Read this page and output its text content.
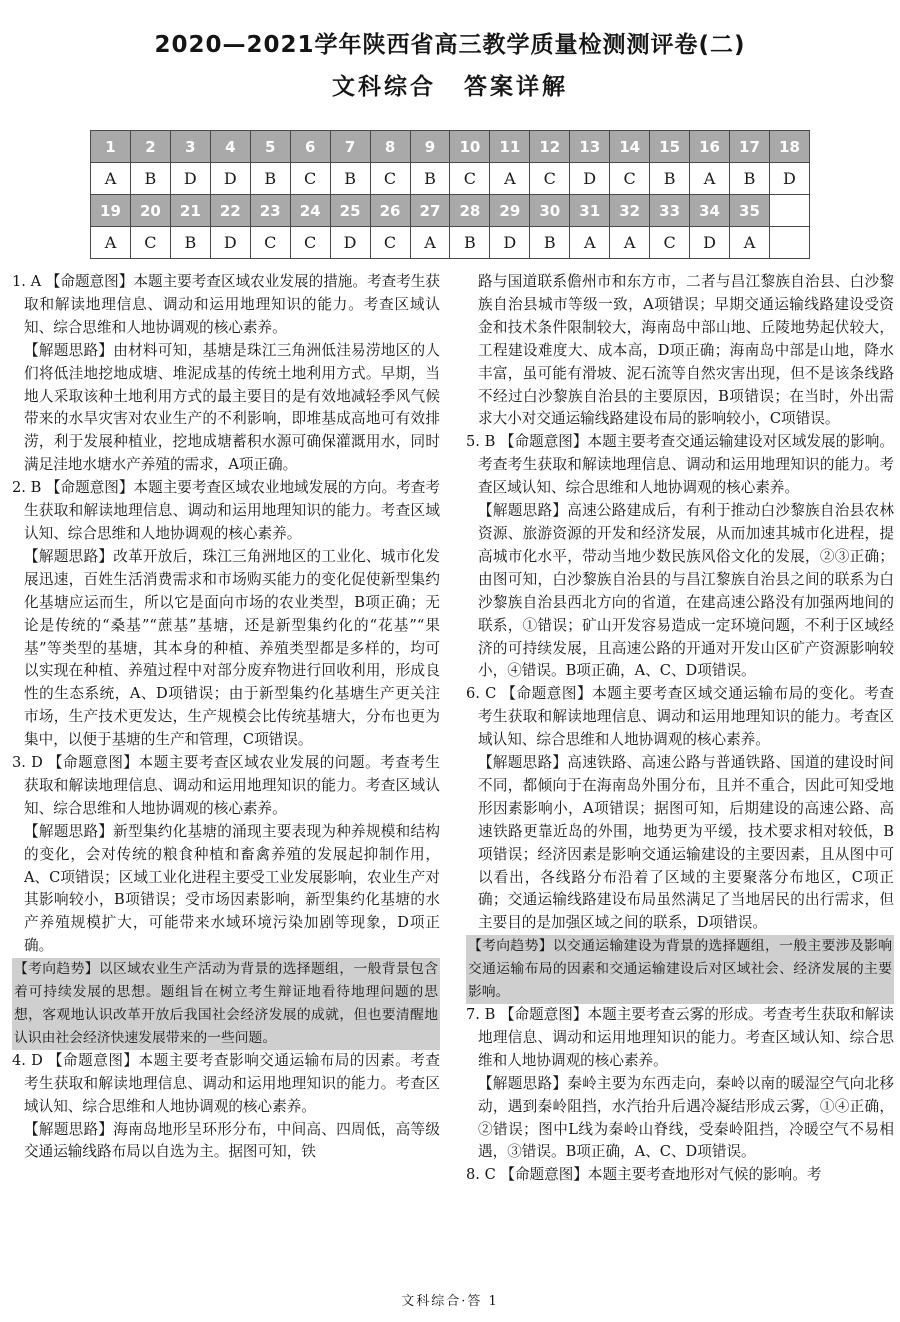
2020—2021学年陕西省高三教学质量检测测评卷(二)
文科综合 答案详解
1	2	3	4	5	6	7	8	9	10	11	12	13	14	15	16	17	18
A	B	D	D	B	C	B	C	B	C	A	C	D	C	B	A	B	D
19	20	21	22	23	24	25	26	27	28	29	30	31	32	33	34	35	
A	C	B	D	C	C	D	C	A	B	D	B	A	A	C	D	A	

1. A 【命题意图】本题主要考查区域农业发展的措施。考查考生获取和解读地理信息、调动和运用地理知识的能力。考查区域认知、综合思维和人地协调观的核心素养。

【解题思路】由材料可知，基塘是珠江三角洲低洼易涝地区的人们将低洼地挖地成塘、堆泥成基的传统土地利用方式。早期，当地人采取该种土地利用方式的最主要目的是有效地减轻季风气候带来的水旱灾害对农业生产的不利影响，即堆基成高地可有效排涝，利于发展种植业，挖地成塘蓄积水源可确保灌溉用水，同时满足洼地水塘水产养殖的需求，A项正确。

2. B 【命题意图】本题主要考查区域农业地域发展的方向。考查考生获取和解读地理信息、调动和运用地理知识的能力。考查区域认知、综合思维和人地协调观的核心素养。

【解题思路】改革开放后，珠江三角洲地区的工业化、城市化发展迅速，百姓生活消费需求和市场购买能力的变化促使新型集约化基塘应运而生，所以它是面向市场的农业类型，B项正确；无论是传统的“桑基”“蔗基”基塘，还是新型集约化的“花基”“果基”等类型的基塘，其本身的种植、养殖类型都是多样的，均可以实现在种植、养殖过程中对部分废弃物进行回收利用，形成良性的生态系统，A、D项错误；由于新型集约化基塘生产更关注市场，生产技术更发达，生产规模会比传统基塘大，分布也更为集中，以便于基塘的生产和管理，C项错误。

3. D 【命题意图】本题主要考查区域农业发展的问题。考查考生获取和解读地理信息、调动和运用地理知识的能力。考查区域认知、综合思维和人地协调观的核心素养。

【解题思路】新型集约化基塘的涌现主要表现为种养规模和结构的变化，会对传统的粮食种植和畜禽养殖的发展起抑制作用，A、C项错误；区域工业化进程主要受工业发展影响，农业生产对其影响较小，B项错误；受市场因素影响，新型集约化基塘的水产养殖规模扩大，可能带来水域环境污染加剧等现象，D项正确。

【考向趋势】以区域农业生产活动为背景的选择题组，一般背景包含着可持续发展的思想。题组旨在树立考生辩证地看待地理问题的思想，客观地认识改革开放后我国社会经济发展的成就，但也要清醒地认识由社会经济快速发展带来的一些问题。

4. D 【命题意图】本题主要考查影响交通运输布局的因素。考查考生获取和解读地理信息、调动和运用地理知识的能力。考查区域认知、综合思维和人地协调观的核心素养。

【解题思路】海南岛地形呈环形分布，中间高、四周低，高等级交通运输线路布局以自选为主。据图可知，铁

路与国道联系儋州市和东方市，二者与昌江黎族自治县、白沙黎族自治县城市等级一致，A项错误；早期交通运输线路建设受资金和技术条件限制较大，海南岛中部山地、丘陵地势起伏较大，工程建设难度大、成本高，D项正确；海南岛中部是山地，降水丰富，虽可能有滑坡、泥石流等自然灾害出现，但不是该条线路不经过白沙黎族自治县的主要原因，B项错误；在当时，外出需求大小对交通运输线路建设布局的影响较小，C项错误。

5. B 【命题意图】本题主要考查交通运输建设对区域发展的影响。考查考生获取和解读地理信息、调动和运用地理知识的能力。考查区域认知、综合思维和人地协调观的核心素养。

【解题思路】高速公路建成后，有利于推动白沙黎族自治县农林资源、旅游资源的开发和经济发展，从而加速其城市化进程，提高城市化水平，带动当地少数民族风俗文化的发展，②③正确；由图可知，白沙黎族自治县的与昌江黎族自治县之间的联系为白沙黎族自治县西北方向的省道，在建高速公路没有加强两地间的联系，①错误；矿山开发容易造成一定环境问题，不利于区域经济的可持续发展，且高速公路的开通对开发山区矿产资源影响较小，④错误。B项正确，A、C、D项错误。

6. C 【命题意图】本题主要考查区域交通运输布局的变化。考查考生获取和解读地理信息、调动和运用地理知识的能力。考查区域认知、综合思维和人地协调观的核心素养。

【解题思路】高速铁路、高速公路与普通铁路、国道的建设时间不同，都倾向于在海南岛外围分布，且并不重合，因此可知受地形因素影响小，A项错误；据图可知，后期建设的高速公路、高速铁路更靠近岛的外围，地势更为平缓，技术要求相对较低，B项错误；经济因素是影响交通运输建设的主要因素，且从图中可以看出，各线路分布沿着了区域的主要聚落分布地区，C项正确；交通运输线路建设布局虽然满足了当地居民的出行需求，但主要目的是加强区域之间的联系，D项错误。

【考向趋势】以交通运输建设为背景的选择题组，一般主要涉及影响交通运输布局的因素和交通运输建设后对区域社会、经济发展的主要影响。

7. B 【命题意图】本题主要考查云雾的形成。考查考生获取和解读地理信息、调动和运用地理知识的能力。考查区域认知、综合思维和人地协调观的核心素养。

【解题思路】秦岭主要为东西走向，秦岭以南的暖湿空气向北移动，遇到秦岭阻挡，水汽抬升后遇冷凝结形成云雾，①④正确，②错误；图中L线为秦岭山脊线，受秦岭阻挡，冷暖空气不易相遇，③错误。B项正确，A、C、D项错误。

8. C 【命题意图】本题主要考查地形对气候的影响。考

文科综合·答 1
